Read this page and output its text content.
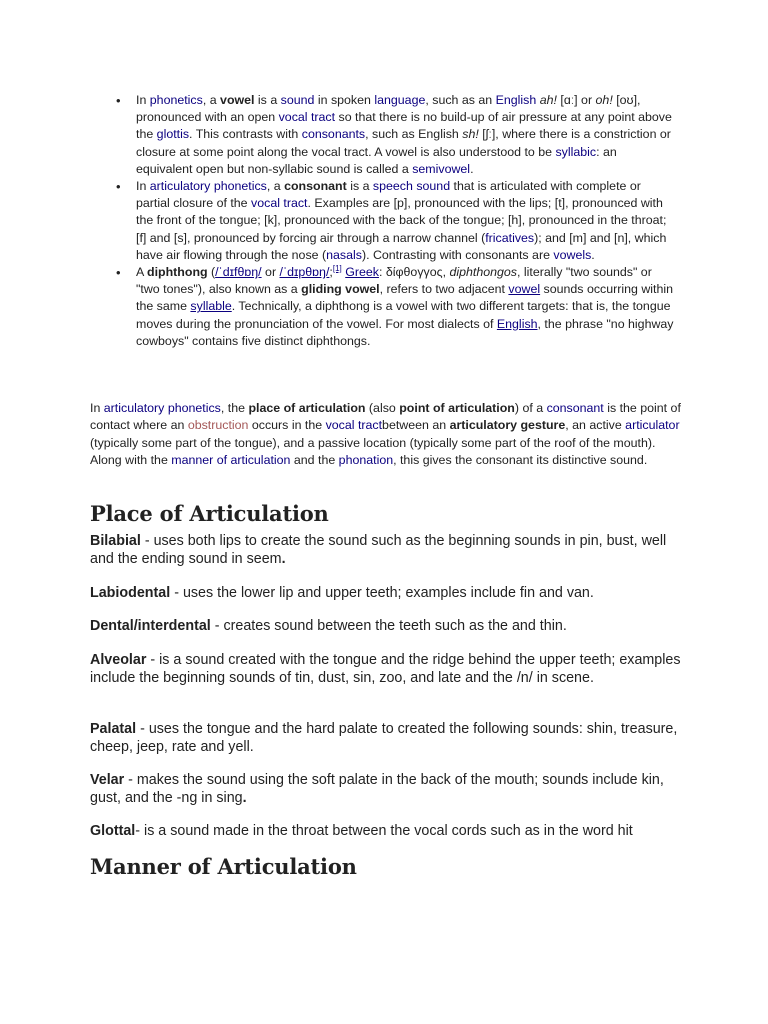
• In phonetics, a vowel is a sound in spoken language, such as an English ah! [ɑː] or oh! [oʊ], pronounced with an open vocal tract so that there is no build-up of air pressure at any point above the glottis. This contrasts with consonants, such as English sh! [ʃː], where there is a constriction or closure at some point along the vocal tract. A vowel is also understood to be syllabic: an equivalent open but non-syllabic sound is called a semivowel.
• In articulatory phonetics, a consonant is a speech sound that is articulated with complete or partial closure of the vocal tract. Examples are [p], pronounced with the lips; [t], pronounced with the front of the tongue; [k], pronounced with the back of the tongue; [h], pronounced in the throat; [f] and [s], pronounced by forcing air through a narrow channel (fricatives); and [m] and [n], which have air flowing through the nose (nasals). Contrasting with consonants are vowels.
• A diphthong (/ˈdɪfθɒŋ/ or /ˈdɪpθɒŋ/;[1] Greek: δίφθογγος, diphthongos, literally "two sounds" or "two tones"), also known as a gliding vowel, refers to two adjacent vowel sounds occurring within the same syllable. Technically, a diphthong is a vowel with two different targets: that is, the tongue moves during the pronunciation of the vowel. For most dialects of English, the phrase "no highway cowboys" contains five distinct diphthongs.

In articulatory phonetics, the place of articulation (also point of articulation) of a consonant is the point of contact where an obstruction occurs in the vocal tractbetween an articulatory gesture, an active articulator (typically some part of the tongue), and a passive location (typically some part of the roof of the mouth). Along with the manner of articulation and the phonation, this gives the consonant its distinctive sound.

Place of Articulation

Bilabial - uses both lips to create the sound such as the beginning sounds in pin, bust, well and the ending sound in seem.

Labiodental - uses the lower lip and upper teeth; examples include fin and van.

Dental/interdental - creates sound between the teeth such as the and thin.

Alveolar - is a sound created with the tongue and the ridge behind the upper teeth; examples include the beginning sounds of tin, dust, sin, zoo, and late and the /n/ in scene.

Palatal - uses the tongue and the hard palate to created the following sounds: shin, treasure, cheep, jeep, rate and yell.

Velar - makes the sound using the soft palate in the back of the mouth; sounds include kin, gust, and the -ng in sing.

Glottal- is a sound made in the throat between the vocal cords such as in the word hit

Manner of Articulation
